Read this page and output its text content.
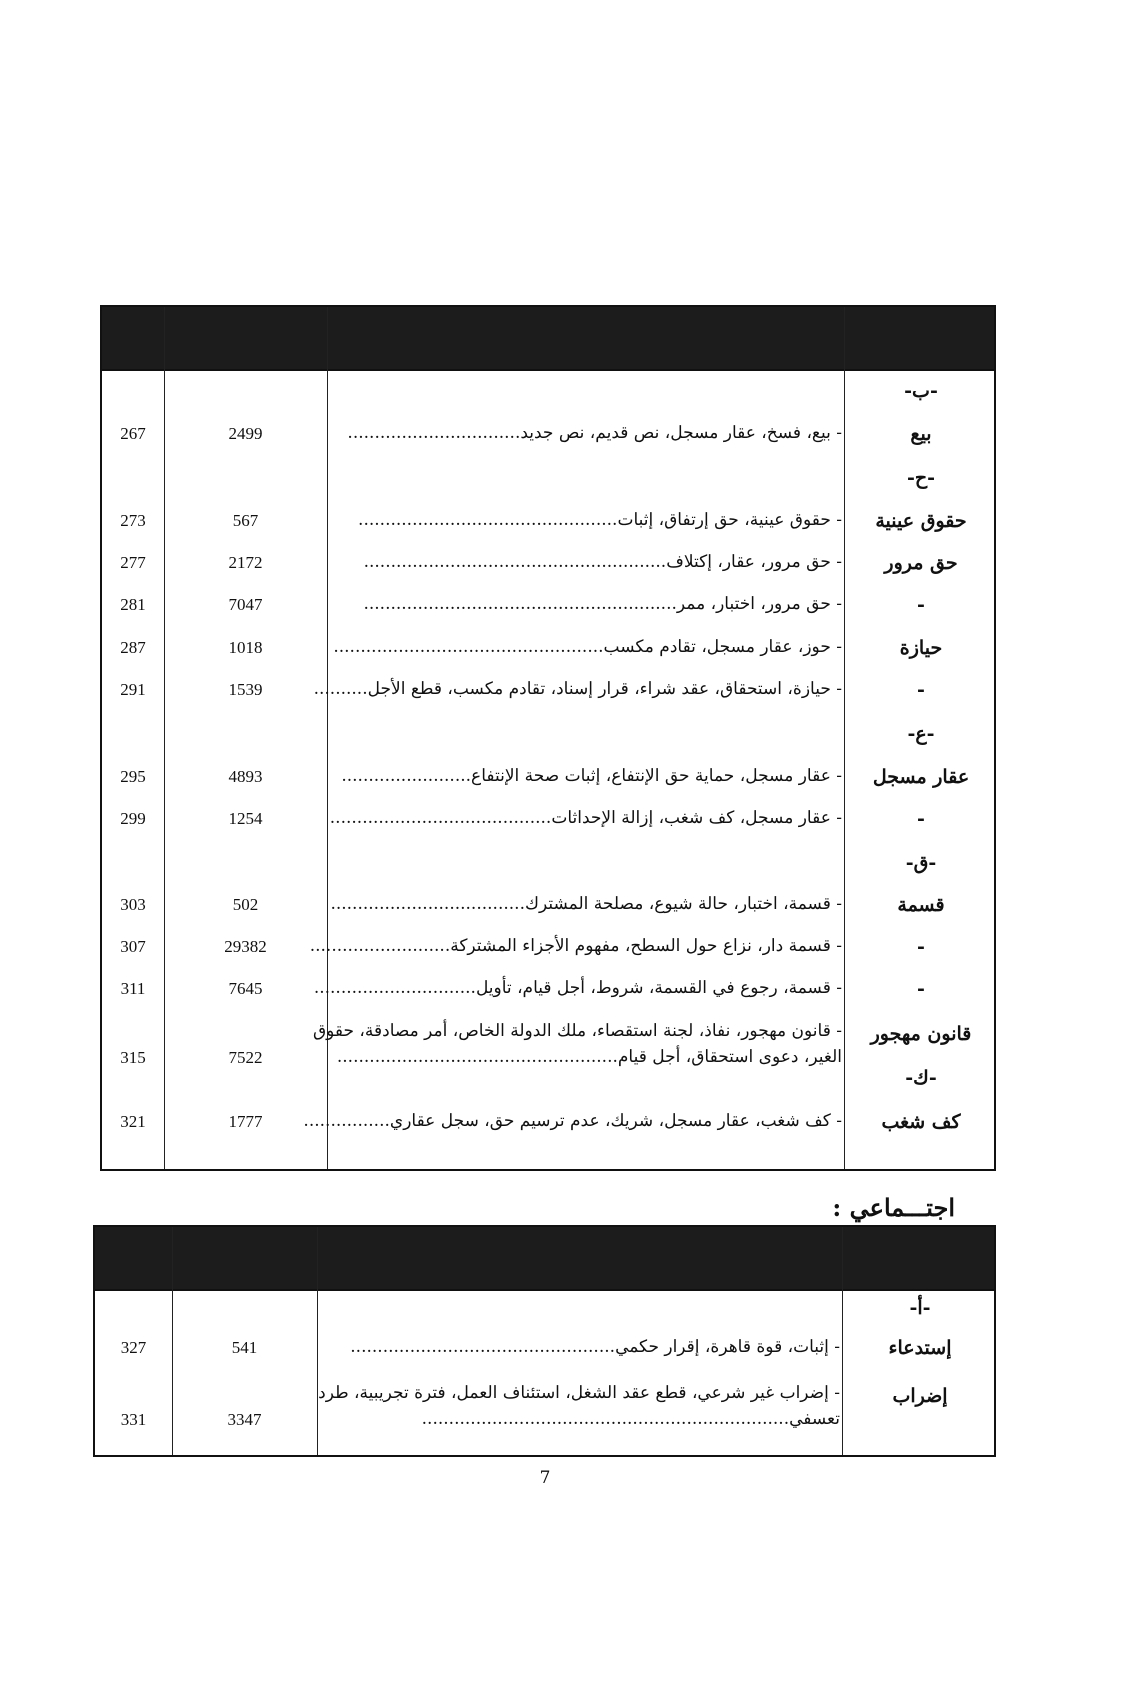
-ب-
بيع
- بيع، فسخ، عقار مسجل، نص قديم، نص جديد................................
2499
267
-ح-
حقوق عينية
- حقوق عينية، حق إرتفاق، إثبات................................................
567
273
حق مرور
- حق مرور، عقار، إكتلاف........................................................
2172
277
-
- حق مرور، اختبار، ممر..........................................................
7047
281
حيازة
- حوز، عقار مسجل، تقادم مكسب..................................................
1018
287
-
- حيازة، استحقاق، عقد شراء، قرار إسناد، تقادم مكسب، قطع الأجل..........
1539
291
-ع-
عقار مسجل
- عقار مسجل، حماية حق الإنتفاع، إثبات صحة الإنتفاع........................
4893
295
-
- عقار مسجل، كف شغب، إزالة الإحداثات.........................................
1254
299
-ق-
قسمة
- قسمة، اختبار، حالة شيوع، مصلحة المشترك....................................
502
303
-
- قسمة دار، نزاع حول السطح، مفهوم الأجزاء المشتركة..........................
29382
307
-
- قسمة، رجوع في القسمة، شروط، أجل قيام، تأويل..............................
7645
311
قانون مهجور
- قانون مهجور، نفاذ، لجنة استقصاء، ملك الدولة الخاص، أمر مصادقة، حقوق
الغير، دعوى استحقاق، أجل قيام....................................................
7522
315
-ك-
كف شغب
- كف شغب، عقار مسجل، شريك، عدم ترسيم حق، سجل عقاري................
1777
321
اجتـــماعي :
-أ-
إستدعاء
- إثبات، قوة قاهرة، إقرار حكمي.................................................
541
327
إضراب
- إضراب غير شرعي، قطع عقد الشغل، استئناف العمل، فترة تجريبية، طرد
تعسفي....................................................................
3347
331
7
